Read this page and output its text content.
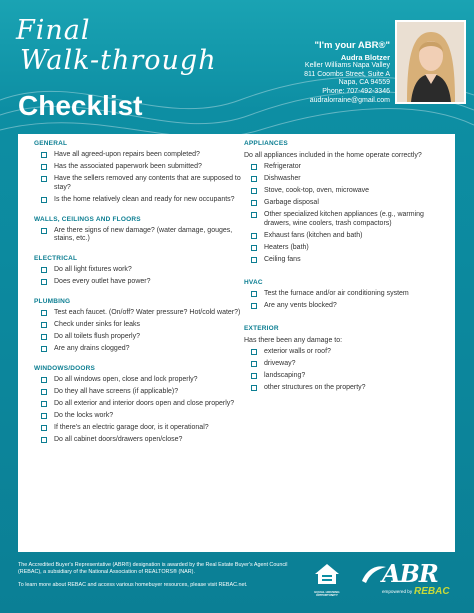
Final
Walk-through
Checklist
"I'm your ABR®"
Audra Blotzer
Keller Williams Napa Valley
811 Coombs Street, Suite A
Napa, CA 94559
Phone: 707-492-3346
audralorraine@gmail.com
GENERAL
Have all agreed-upon repairs been completed?
Has the associated paperwork been submitted?
Have the sellers removed any contents that are supposed to stay?
Is the home relatively clean and ready for new occupants?
WALLS, CEILINGS AND FLOORS
Are there signs of new damage? (water damage, gouges, stains, etc.)
ELECTRICAL
Do all light fixtures work?
Does every outlet have power?
PLUMBING
Test each faucet. (On/off? Water pressure? Hot/cold water?)
Check under sinks for leaks
Do all toilets flush properly?
Are any drains clogged?
WINDOWS/DOORS
Do all windows open, close and lock properly?
Do they all have screens (if applicable)?
Do all exterior and interior doors open and close properly?
Do the locks work?
If there's an electric garage door, is it operational?
Do all cabinet doors/drawers open/close?
APPLIANCES
Do all appliances included in the home operate correctly?
Refrigerator
Dishwasher
Stove, cook-top, oven, microwave
Garbage disposal
Other specialized kitchen appliances (e.g., warming drawers, wine coolers, trash compactors)
Exhaust fans (kitchen and bath)
Heaters (bath)
Ceiling fans
HVAC
Test the furnace and/or air conditioning system
Are any vents blocked?
EXTERIOR
Has there been any damage to:
exterior walls or roof?
driveway?
landscaping?
other structures on the property?
The Accredited Buyer's Representative (ABR®) designation is awarded by the Real Estate Buyer's Agent Council (REBAC), a subsidiary of the National Association of REALTORS® (NAR).
To learn more about REBAC and access various homebuyer resources, please visit REBAC.net.
EQUAL HOUSING OPPORTUNITY
ABR
empowered by REBAC
